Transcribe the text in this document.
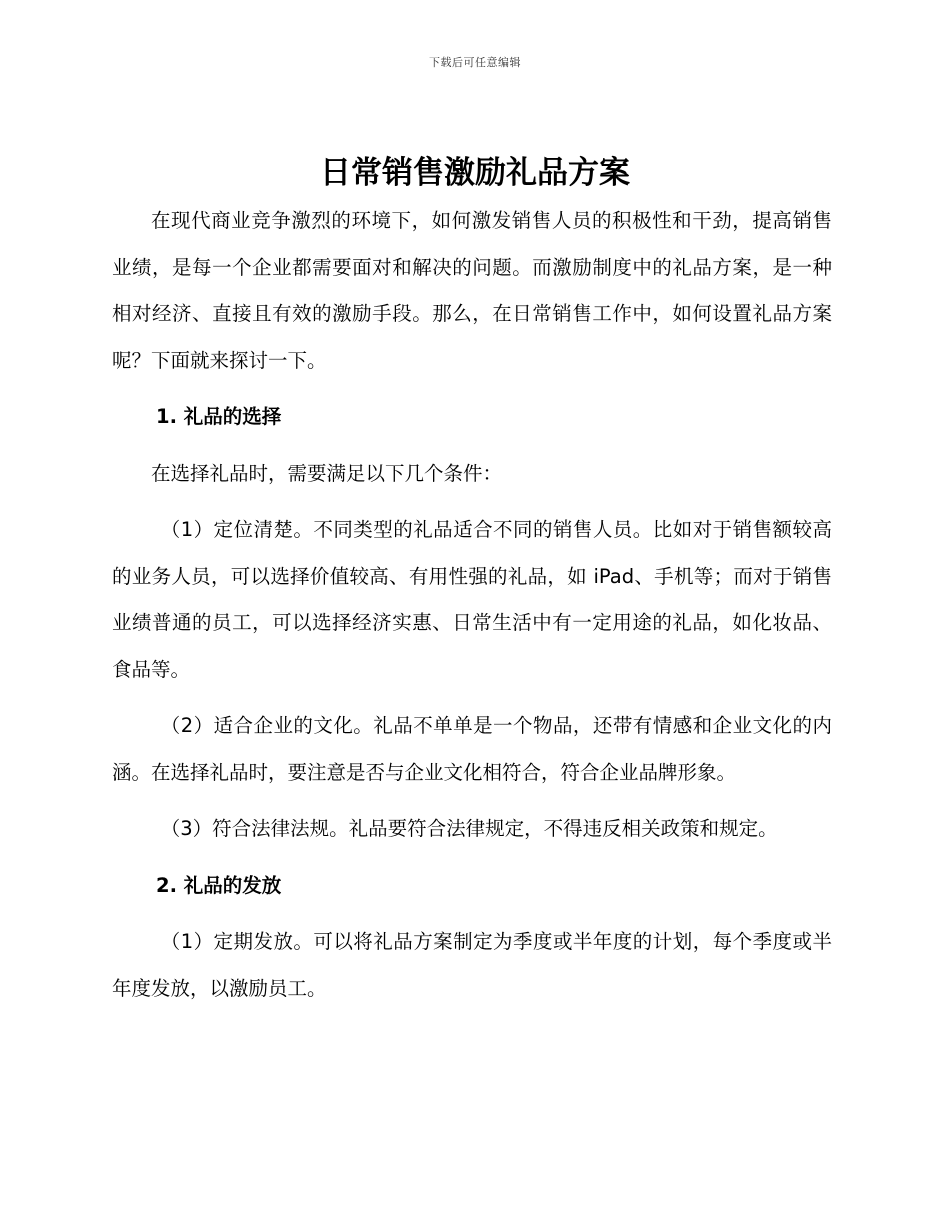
下载后可任意编辑
日常销售激励礼品方案

在现代商业竞争激烈的环境下，如何激发销售人员的积极性和干劲，提高销售业绩，是每一个企业都需要面对和解决的问题。而激励制度中的礼品方案，是一种相对经济、直接且有效的激励手段。那么，在日常销售工作中，如何设置礼品方案呢？下面就来探讨一下。

1. 礼品的选择

在选择礼品时，需要满足以下几个条件：

（1）定位清楚。不同类型的礼品适合不同的销售人员。比如对于销售额较高的业务人员，可以选择价值较高、有用性强的礼品，如 iPad、手机等；而对于销售业绩普通的员工，可以选择经济实惠、日常生活中有一定用途的礼品，如化妆品、食品等。

（2）适合企业的文化。礼品不单单是一个物品，还带有情感和企业文化的内涵。在选择礼品时，要注意是否与企业文化相符合，符合企业品牌形象。

（3）符合法律法规。礼品要符合法律规定，不得违反相关政策和规定。

2. 礼品的发放

（1）定期发放。可以将礼品方案制定为季度或半年度的计划，每个季度或半年度发放，以激励员工。
